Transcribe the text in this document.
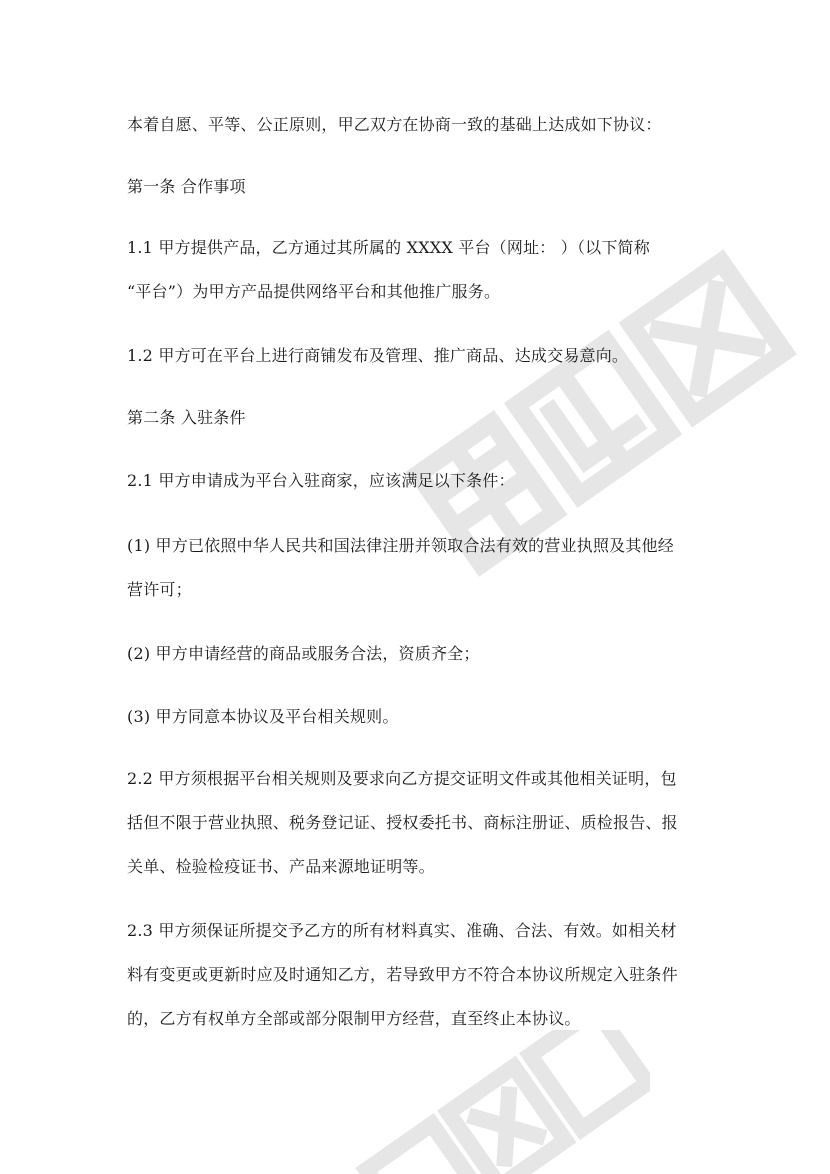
本着自愿、平等、公正原则，甲乙双方在协商一致的基础上达成如下协议：
第一条 合作事项
1.1 甲方提供产品，乙方通过其所属的 XXXX 平台（网址： ）（以下简称
“平台”）为甲方产品提供网络平台和其他推广服务。
1.2 甲方可在平台上进行商铺发布及管理、推广商品、达成交易意向。
第二条 入驻条件
2.1 甲方申请成为平台入驻商家，应该满足以下条件：
(1) 甲方已依照中华人民共和国法律注册并领取合法有效的营业执照及其他经
营许可；
(2) 甲方申请经营的商品或服务合法，资质齐全；
(3) 甲方同意本协议及平台相关规则。
2.2 甲方须根据平台相关规则及要求向乙方提交证明文件或其他相关证明，包
括但不限于营业执照、税务登记证、授权委托书、商标注册证、质检报告、报
关单、检验检疫证书、产品来源地证明等。
2.3 甲方须保证所提交予乙方的所有材料真实、准确、合法、有效。如相关材
料有变更或更新时应及时通知乙方，若导致甲方不符合本协议所规定入驻条件
的，乙方有权单方全部或部分限制甲方经营，直至终止本协议。
